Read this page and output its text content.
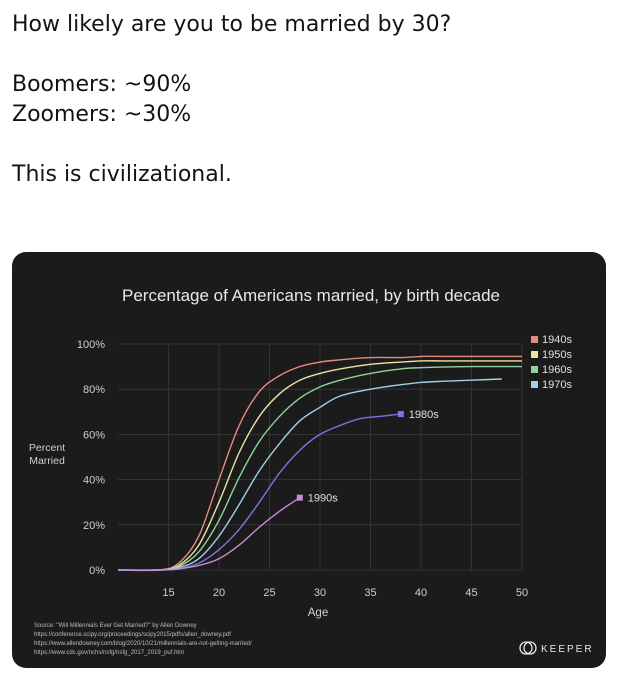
How likely are you to be married by 30?

Boomers: ~90%

Zoomers: ~30%

This is civilizational.

Percentage of Americans married, by birth decade
Percent
Married
Age
15	20	25	30	35	40	45	50
0%
20%
40%
60%
80%
100%	1940s
1950s
1960s
1970s
1980s
1990s
Source: "Will Millennials Ever Get Married?" by Allen Downey
https://conference.scipy.org/proceedings/scipy2015/pdfs/allen_downey.pdf
https://www.allendowney.com/blog/2020/10/21/millennials-are-not-getting-married/
https://www.cdc.gov/nchs/nsfg/nsfg_2017_2019_puf.htm	KEEPER
